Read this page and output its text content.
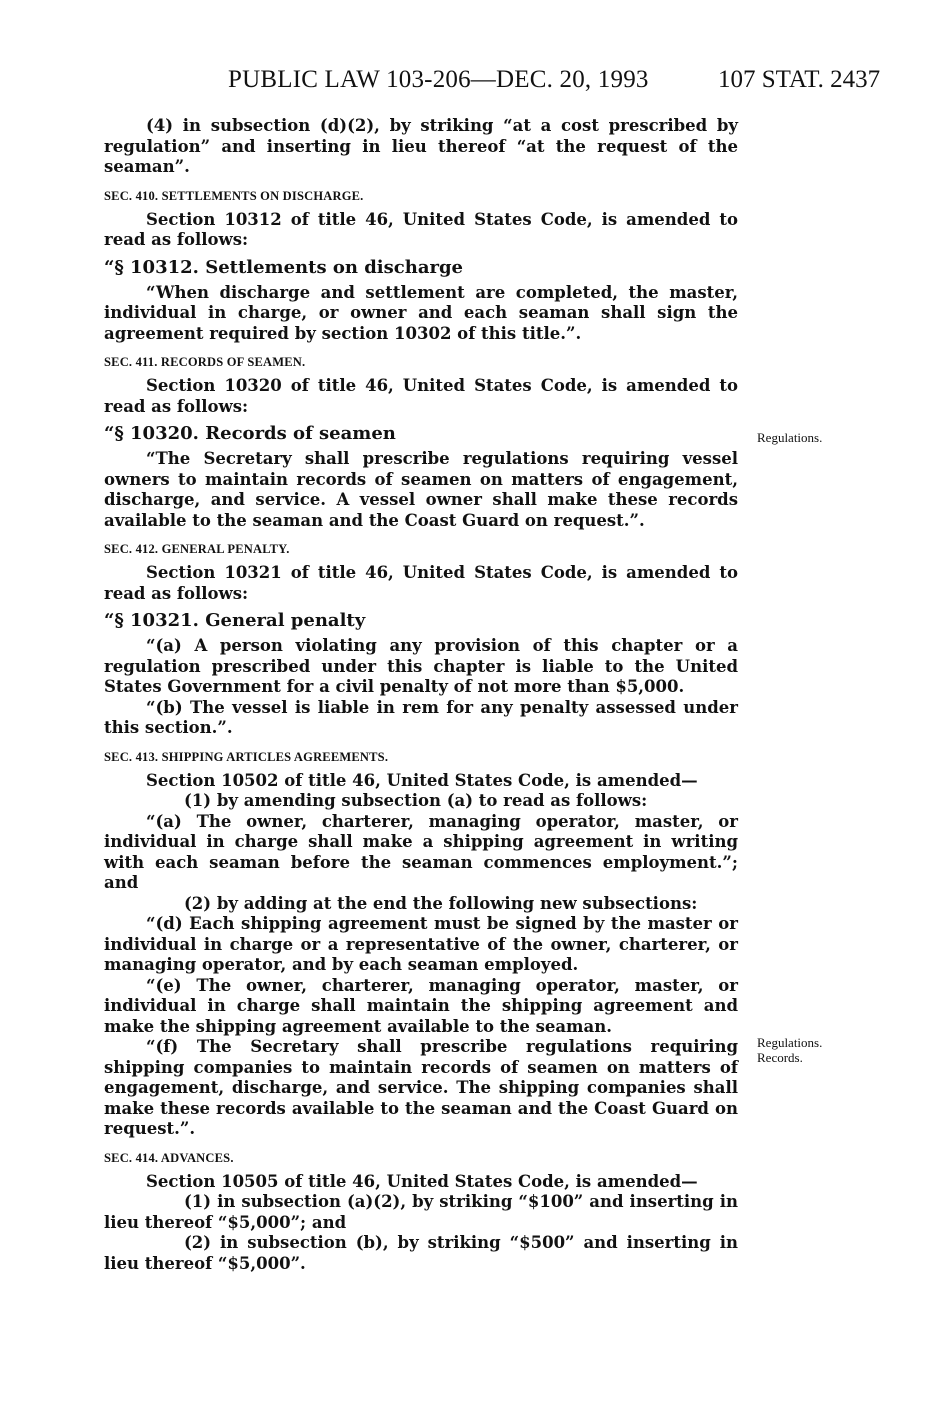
PUBLIC LAW 103-206—DEC. 20, 1993	107 STAT. 2437
Regulations.
Regulations.
Records.

(4) in subsection (d)(2), by striking “at a cost prescribed by regulation” and inserting in lieu thereof “at the request of the seaman”.

SEC. 410. SETTLEMENTS ON DISCHARGE.

Section 10312 of title 46, United States Code, is amended to read as follows:

“§ 10312. Settlements on discharge

“When discharge and settlement are completed, the master, individual in charge, or owner and each seaman shall sign the agreement required by section 10302 of this title.”.

SEC. 411. RECORDS OF SEAMEN.

Section 10320 of title 46, United States Code, is amended to read as follows:

“§ 10320. Records of seamen

“The Secretary shall prescribe regulations requiring vessel owners to maintain records of seamen on matters of engagement, discharge, and service. A vessel owner shall make these records available to the seaman and the Coast Guard on request.”.

SEC. 412. GENERAL PENALTY.

Section 10321 of title 46, United States Code, is amended to read as follows:

“§ 10321. General penalty

“(a) A person violating any provision of this chapter or a regulation prescribed under this chapter is liable to the United States Government for a civil penalty of not more than $5,000.

“(b) The vessel is liable in rem for any penalty assessed under this section.”.

SEC. 413. SHIPPING ARTICLES AGREEMENTS.

Section 10502 of title 46, United States Code, is amended—

(1) by amending subsection (a) to read as follows:

“(a) The owner, charterer, managing operator, master, or individual in charge shall make a shipping agreement in writing with each seaman before the seaman commences employment.”; and

(2) by adding at the end the following new subsections:

“(d) Each shipping agreement must be signed by the master or individual in charge or a representative of the owner, charterer, or managing operator, and by each seaman employed.

“(e) The owner, charterer, managing operator, master, or individual in charge shall maintain the shipping agreement and make the shipping agreement available to the seaman.

“(f) The Secretary shall prescribe regulations requiring shipping companies to maintain records of seamen on matters of engagement, discharge, and service. The shipping companies shall make these records available to the seaman and the Coast Guard on request.”.

SEC. 414. ADVANCES.

Section 10505 of title 46, United States Code, is amended—

(1) in subsection (a)(2), by striking “$100” and inserting in lieu thereof “$5,000”; and

(2) in subsection (b), by striking “$500” and inserting in lieu thereof “$5,000”.
